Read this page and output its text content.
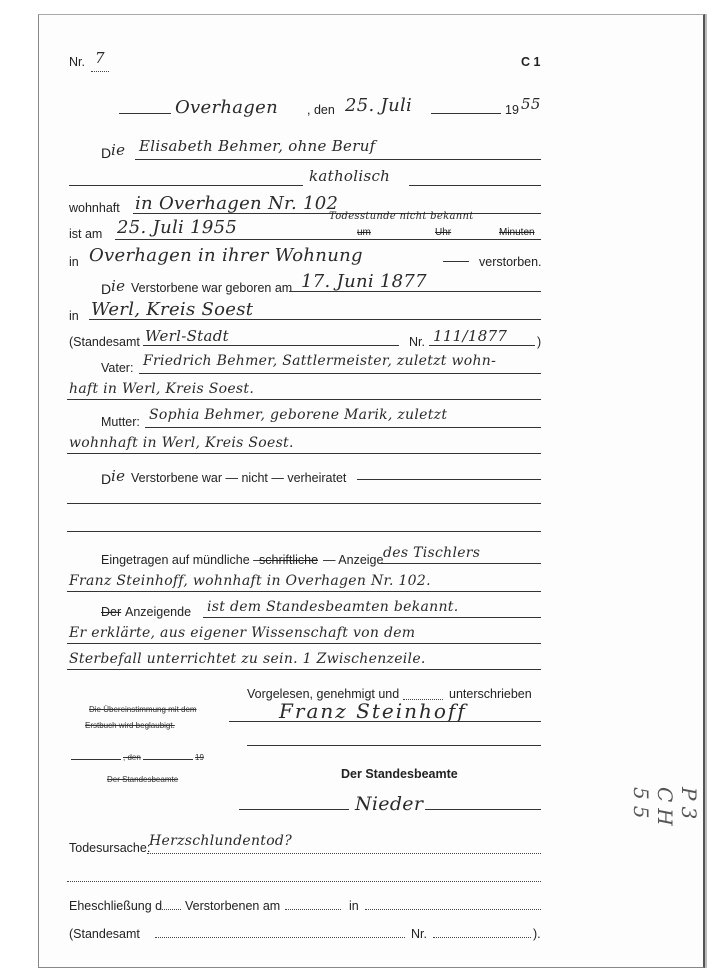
Nr. 7	C 1
Overhagen , den 25. Juli	19 55
D ie Elisabeth Behmer, ohne Beruf
katholisch
wohnhaft in Overhagen Nr. 102
ist am 25. Juli 1955
Todesstunde nicht bekannt
um	Uhr	Minuten
in Overhagen in ihrer Wohnung	verstorben.
D ie Verstorbene war geboren am 17. Juni 1877
in Werl, Kreis Soest
(Standesamt Werl-Stadt	Nr. 111/1877 )
Vater: Friedrich Behmer, Sattlermeister, zuletzt wohn-
haft in Werl, Kreis Soest.
Mutter: Sophia Behmer, geborene Marik, zuletzt
wohnhaft in Werl, Kreis Soest.
D ie Verstorbene war — nicht — verheiratet
Eingetragen auf mündliche —
schriftliche — Anzeige des Tischlers
Franz Steinhoff, wohnhaft in Overhagen Nr. 102.
Der Anzeigende ist dem Standesbeamten bekannt.
Er erklärte, aus eigener Wissenschaft von dem
Sterbefall unterrichtet zu sein. 1 Zwischenzeile.
Vorgelesen, genehmigt und	unterschrieben
Die Übereinstimmung mit dem
Erstbuch wird beglaubigt.
Franz Steinhoff
, den	19
Der Standesbeamte	Der Standesbeamte
Nieder
Todesursache:
Herzschlundentod?
Eheschließung d Verstorbenen am	in
(Standesamt	Nr.	).
P3 CH 55
